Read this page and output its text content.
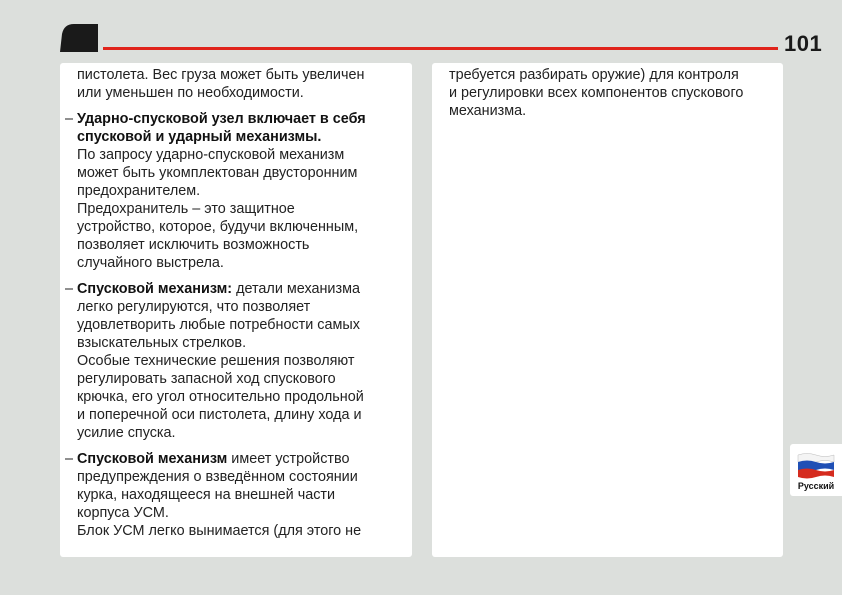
101
пистолета. Вес груза может быть увеличен
или уменьшен по необходимости.
– Ударно-спусковой узел включает в себя
спусковой и ударный механизмы.
По запросу ударно-спусковой механизм
может быть укомплектован двусторонним
предохранителем.
Предохранитель – это защитное
устройство, которое, будучи включенным,
позволяет исключить возможность
случайного выстрела.
– Спусковой механизм: детали механизма
легко регулируются, что позволяет
удовлетворить любые потребности самых
взыскательных стрелков.
Особые технические решения позволяют
регулировать запасной ход спускового
крючка, его угол относительно продольной
и поперечной оси пистолета, длину хода и
усилие спуска.
– Спусковой механизм имеет устройство
предупреждения о взведённом состоянии
курка, находящееся на внешней части
корпуса УСМ.
Блок УСМ легко вынимается (для этого не
требуется разбирать оружие) для контроля
и регулировки всех компонентов спускового
механизма.
Русский
